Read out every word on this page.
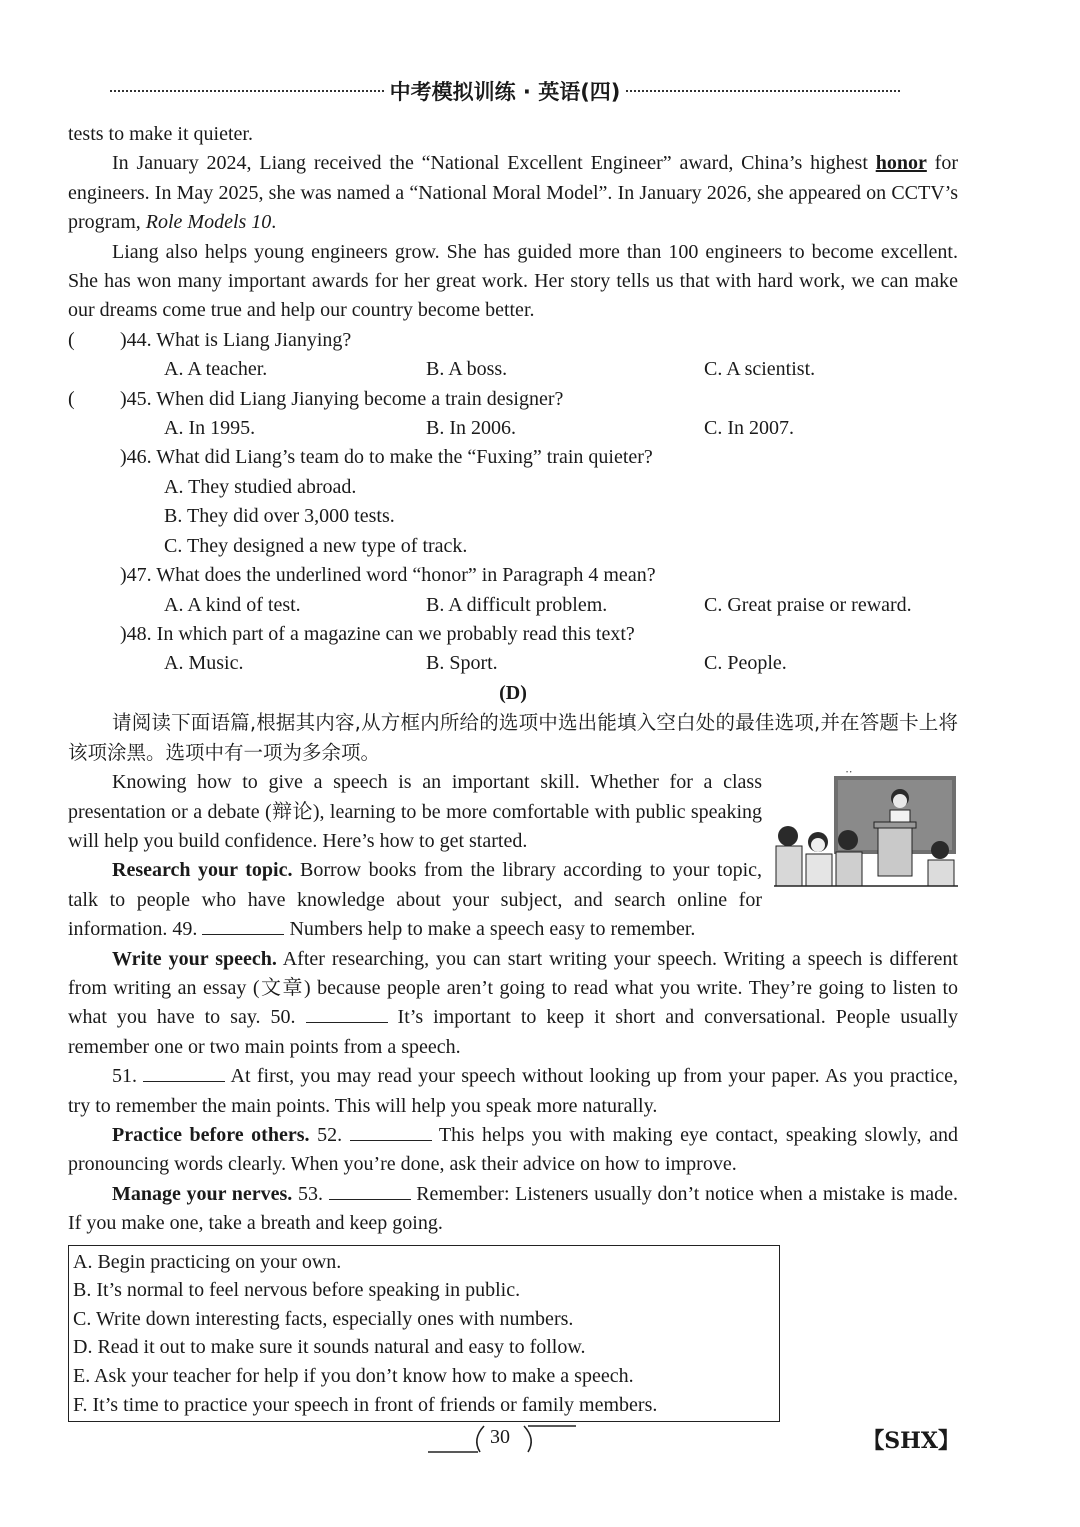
中考模拟训练 · 英语(四)

tests to make it quieter.

In January 2024, Liang received the “National Excellent Engineer” award, China’s highest honor for engineers. In May 2025, she was named a “National Moral Model”. In January 2026, she appeared on CCTV’s program, Role Models 10.

Liang also helps young engineers grow. She has guided more than 100 engineers to become excellent. She has won many important awards for her great work. Her story tells us that with hard work, we can make our dreams come true and help our country become better.

( )44. What is Liang Jianying?
A. A teacher.	B. A boss.	C. A scientist.
( )45. When did Liang Jianying become a train designer?
A. In 1995.	B. In 2006.	C. In 2007.
)46. What did Liang’s team do to make the “Fuxing” train quieter?
A. They studied abroad.
B. They did over 3,000 tests.
C. They designed a new type of track.
)47. What does the underlined word “honor” in Paragraph 4 mean?
A. A kind of test.	B. A difficult problem.	C. Great praise or reward.
)48. In which part of a magazine can we probably read this text?
A. Music.	B. Sport.	C. People.
(D)

请阅读下面语篇,根据其内容,从方框内所给的选项中选出能填入空白处的最佳选项,并在答题卡上将该项涂黑。选项中有一项为多余项。

• •

Knowing how to give a speech is an important skill. Whether for a class presentation or a debate (辩论), learning to be more comfortable with public speaking will help you build confidence. Here’s how to get started.

Research your topic. Borrow books from the library according to your topic, talk to people who have knowledge about your subject, and search online for information. 49.	Numbers help to make a speech easy to remember.

Write your speech. After researching, you can start writing your speech. Writing a speech is different from writing an essay (文章) because people aren’t going to read what you write. They’re going to listen to what you have to say. 50.	It’s important to keep it short and conversational. People usually remember one or two main points from a speech.

51.	At first, you may read your speech without looking up from your paper. As you practice, try to remember the main points. This will help you speak more naturally.

Practice before others. 52.	This helps you with making eye contact, speaking slowly, and pronouncing words clearly. When you’re done, ask their advice on how to improve.

Manage your nerves. 53.	Remember: Listeners usually don’t notice when a mistake is made. If you make one, take a breath and keep going.

A. Begin practicing on your own.
B. It’s normal to feel nervous before speaking in public.
C. Write down interesting facts, especially ones with numbers.
D. Read it out to make sure it sounds natural and easy to follow.
E. Ask your teacher for help if you don’t know how to make a speech.
F. It’s time to practice your speech in front of friends or family members.
30	【SHX】
